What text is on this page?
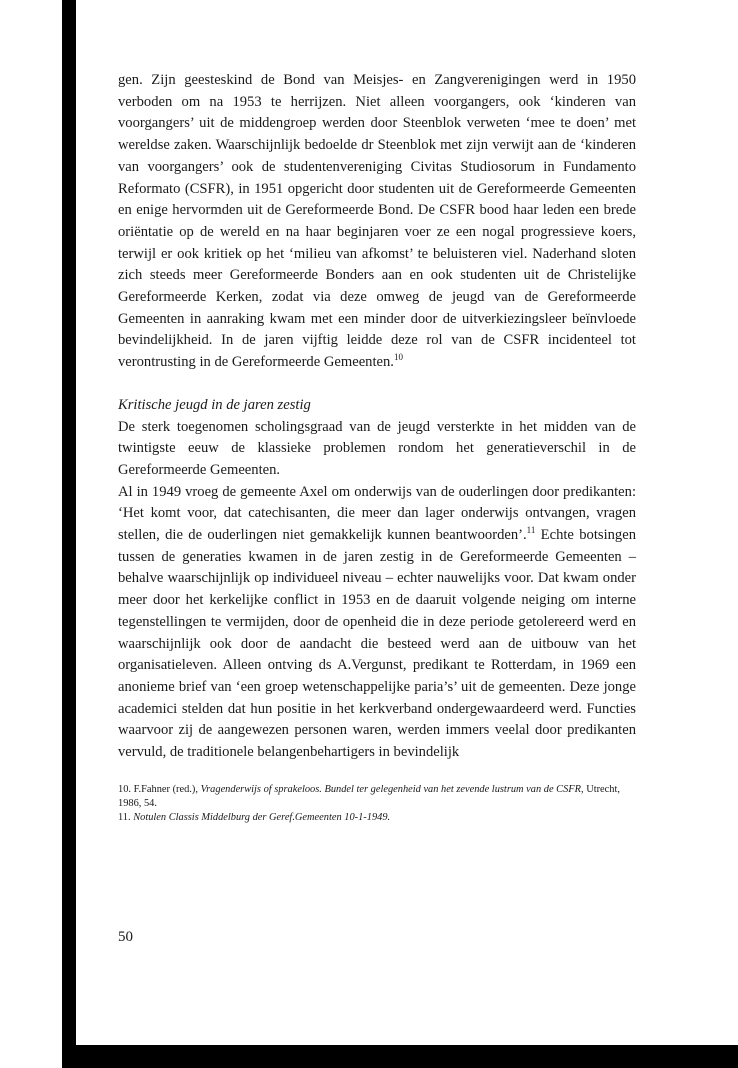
gen. Zijn geesteskind de Bond van Meisjes- en Zangverenigingen werd in 1950 verboden om na 1953 te herrijzen. Niet alleen voorgangers, ook ‘kinderen van voorgangers’ uit de middengroep werden door Steenblok verweten ‘mee te doen’ met wereldse zaken. Waarschijnlijk bedoelde dr Steenblok met zijn verwijt aan de ‘kinderen van voorgangers’ ook de studentenvereniging Civitas Studiosorum in Fundamento Reformato (CSFR), in 1951 opgericht door studenten uit de Gereformeerde Gemeenten en enige hervormden uit de Gereformeerde Bond. De CSFR bood haar leden een brede oriëntatie op de wereld en na haar beginjaren voer ze een nogal progressieve koers, terwijl er ook kritiek op het ‘milieu van afkomst’ te beluisteren viel. Naderhand sloten zich steeds meer Gereformeerde Bonders aan en ook studenten uit de Christelijke Gereformeerde Kerken, zodat via deze omweg de jeugd van de Gereformeerde Gemeenten in aanraking kwam met een minder door de uitverkiezingsleer beïnvloede bevindelijkheid. In de jaren vijftig leidde deze rol van de CSFR incidenteel tot verontrusting in de Gereformeerde Gemeenten.$^{10}$

Kritische jeugd in de jaren zestig

De sterk toegenomen scholingsgraad van de jeugd versterkte in het midden van de twintigste eeuw de klassieke problemen rondom het generatieverschil in de Gereformeerde Gemeenten.

Al in 1949 vroeg de gemeente Axel om onderwijs van de ouderlingen door predikanten: ‘Het komt voor, dat catechisanten, die meer dan lager onderwijs ontvangen, vragen stellen, die de ouderlingen niet gemakkelijk kunnen beantwoorden’.$^{11}$ Echte botsingen tussen de generaties kwamen in de jaren zestig in de Gereformeerde Gemeenten – behalve waarschijnlijk op individueel niveau – echter nauwelijks voor. Dat kwam onder meer door het kerkelijke conflict in 1953 en de daaruit volgende neiging om interne tegenstellingen te vermijden, door de openheid die in deze periode getolereerd werd en waarschijnlijk ook door de aandacht die besteed werd aan de uitbouw van het organisatieleven. Alleen ontving ds A.Vergunst, predikant te Rotterdam, in 1969 een anonieme brief van ‘een groep wetenschappelijke paria’s’ uit de gemeenten. Deze jonge academici stelden dat hun positie in het kerkverband ondergewaardeerd werd. Functies waarvoor zij de aangewezen personen waren, werden immers veelal door predikanten vervuld, de traditionele belangenbehartigers in bevindelijk

10. F.Fahner (red.), Vragenderwijs of sprakeloos. Bundel ter gelegenheid van het zevende lustrum van de CSFR, Utrecht, 1986, 54.

11. Notulen Classis Middelburg der Geref.Gemeenten 10-1-1949.

50
